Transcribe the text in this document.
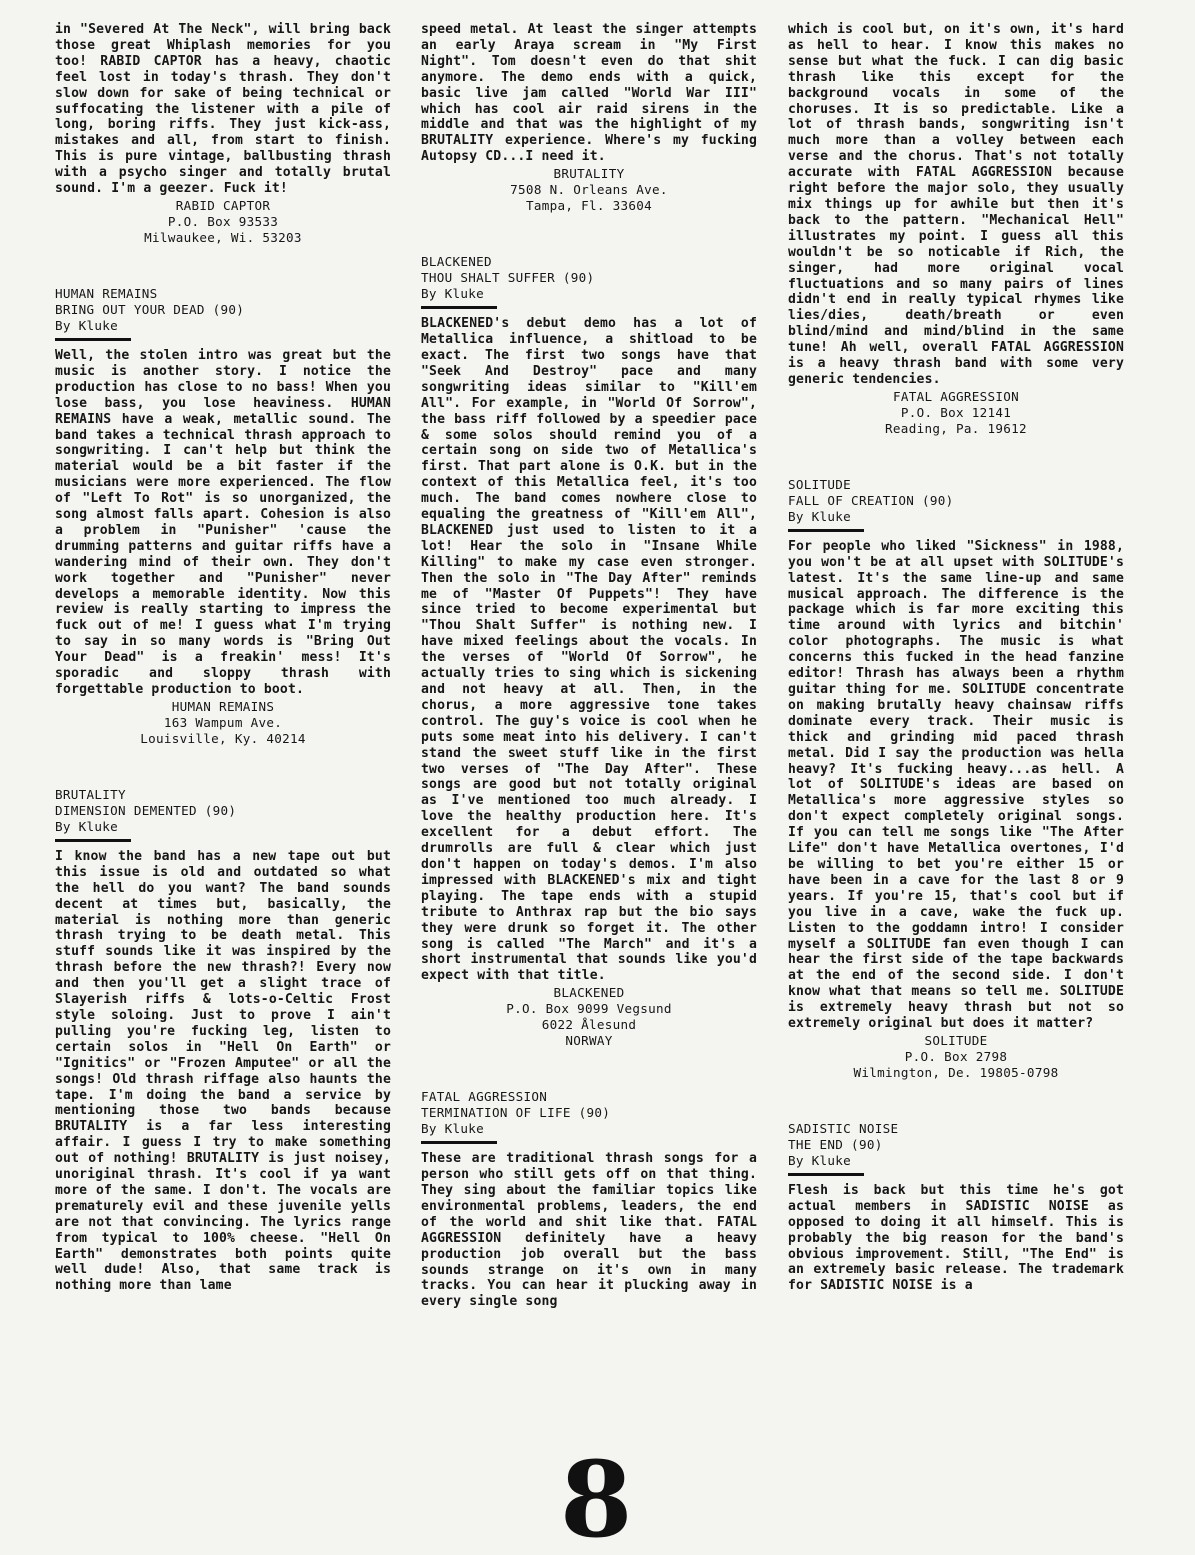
in "Severed At The Neck", will bring back those great Whiplash memories for you too! RABID CAPTOR has a heavy, chaotic feel lost in today's thrash. They don't slow down for sake of being technical or suffocating the listener with a pile of long, boring riffs. They just kick-ass, mistakes and all, from start to finish. This is pure vintage, ballbusting thrash with a psycho singer and totally brutal sound. I'm a geezer. Fuck it!

RABID CAPTOR

P.O. Box 93533

Milwaukee, Wi. 53203

HUMAN REMAINS

BRING OUT YOUR DEAD (90)

By Kluke

Well, the stolen intro was great but the music is another story. I notice the production has close to no bass! When you lose bass, you lose heaviness. HUMAN REMAINS have a weak, metallic sound. The band takes a technical thrash approach to songwriting. I can't help but think the material would be a bit faster if the musicians were more experienced. The flow of "Left To Rot" is so unorganized, the song almost falls apart. Cohesion is also a problem in "Punisher" 'cause the drumming patterns and guitar riffs have a wandering mind of their own. They don't work together and "Punisher" never develops a memorable identity. Now this review is really starting to impress the fuck out of me! I guess what I'm trying to say in so many words is "Bring Out Your Dead" is a freakin' mess! It's sporadic and sloppy thrash with forgettable production to boot.

HUMAN REMAINS

163 Wampum Ave.

Louisville, Ky. 40214

BRUTALITY

DIMENSION DEMENTED (90)

By Kluke

I know the band has a new tape out but this issue is old and outdated so what the hell do you want? The band sounds decent at times but, basically, the material is nothing more than generic thrash trying to be death metal. This stuff sounds like it was inspired by the thrash before the new thrash?! Every now and then you'll get a slight trace of Slayerish riffs & lots-o-Celtic Frost style soloing. Just to prove I ain't pulling you're fucking leg, listen to certain solos in "Hell On Earth" or "Ignitics" or "Frozen Amputee" or all the songs! Old thrash riffage also haunts the tape. I'm doing the band a service by mentioning those two bands because BRUTALITY is a far less interesting affair. I guess I try to make something out of nothing! BRUTALITY is just noisey, unoriginal thrash. It's cool if ya want more of the same. I don't. The vocals are prematurely evil and these juvenile yells are not that convincing. The lyrics range from typical to 100% cheese. "Hell On Earth" demonstrates both points quite well dude! Also, that same track is nothing more than lame
speed metal. At least the singer attempts an early Araya scream in "My First Night". Tom doesn't even do that shit anymore. The demo ends with a quick, basic live jam called "World War III" which has cool air raid sirens in the middle and that was the highlight of my BRUTALITY experience. Where's my fucking Autopsy CD...I need it.

BRUTALITY

7508 N. Orleans Ave.

Tampa, Fl. 33604

BLACKENED

THOU SHALT SUFFER (90)

By Kluke

BLACKENED's debut demo has a lot of Metallica influence, a shitload to be exact. The first two songs have that "Seek And Destroy" pace and many songwriting ideas similar to "Kill'em All". For example, in "World Of Sorrow", the bass riff followed by a speedier pace & some solos should remind you of a certain song on side two of Metallica's first. That part alone is O.K. but in the context of this Metallica feel, it's too much. The band comes nowhere close to equaling the greatness of "Kill'em All", BLACKENED just used to listen to it a lot! Hear the solo in "Insane While Killing" to make my case even stronger. Then the solo in "The Day After" reminds me of "Master Of Puppets"! They have since tried to become experimental but "Thou Shalt Suffer" is nothing new. I have mixed feelings about the vocals. In the verses of "World Of Sorrow", he actually tries to sing which is sickening and not heavy at all. Then, in the chorus, a more aggressive tone takes control. The guy's voice is cool when he puts some meat into his delivery. I can't stand the sweet stuff like in the first two verses of "The Day After". These songs are good but not totally original as I've mentioned too much already. I love the healthy production here. It's excellent for a debut effort. The drumrolls are full & clear which just don't happen on today's demos. I'm also impressed with BLACKENED's mix and tight playing. The tape ends with a stupid tribute to Anthrax rap but the bio says they were drunk so forget it. The other song is called "The March" and it's a short instrumental that sounds like you'd expect with that title.

BLACKENED

P.O. Box 9099 Vegsund

6022 Ålesund

NORWAY

FATAL AGGRESSION

TERMINATION OF LIFE (90)

By Kluke

These are traditional thrash songs for a person who still gets off on that thing. They sing about the familiar topics like environmental problems, leaders, the end of the world and shit like that. FATAL AGGRESSION definitely have a heavy production job overall but the bass sounds strange on it's own in many tracks. You can hear it plucking away in every single song
which is cool but, on it's own, it's hard as hell to hear. I know this makes no sense but what the fuck. I can dig basic thrash like this except for the background vocals in some of the choruses. It is so predictable. Like a lot of thrash bands, songwriting isn't much more than a volley between each verse and the chorus. That's not totally accurate with FATAL AGGRESSION because right before the major solo, they usually mix things up for awhile but then it's back to the pattern. "Mechanical Hell" illustrates my point. I guess all this wouldn't be so noticable if Rich, the singer, had more original vocal fluctuations and so many pairs of lines didn't end in really typical rhymes like lies/dies, death/breath or even blind/mind and mind/blind in the same tune! Ah well, overall FATAL AGGRESSION is a heavy thrash band with some very generic tendencies.

FATAL AGGRESSION

P.O. Box 12141

Reading, Pa. 19612

SOLITUDE

FALL OF CREATION (90)

By Kluke

For people who liked "Sickness" in 1988, you won't be at all upset with SOLITUDE's latest. It's the same line-up and same musical approach. The difference is the package which is far more exciting this time around with lyrics and bitchin' color photographs. The music is what concerns this fucked in the head fanzine editor! Thrash has always been a rhythm guitar thing for me. SOLITUDE concentrate on making brutally heavy chainsaw riffs dominate every track. Their music is thick and grinding mid paced thrash metal. Did I say the production was hella heavy? It's fucking heavy...as hell. A lot of SOLITUDE's ideas are based on Metallica's more aggressive styles so don't expect completely original songs. If you can tell me songs like "The After Life" don't have Metallica overtones, I'd be willing to bet you're either 15 or have been in a cave for the last 8 or 9 years. If you're 15, that's cool but if you live in a cave, wake the fuck up. Listen to the goddamn intro! I consider myself a SOLITUDE fan even though I can hear the first side of the tape backwards at the end of the second side. I don't know what that means so tell me. SOLITUDE is extremely heavy thrash but not so extremely original but does it matter?

SOLITUDE

P.O. Box 2798

Wilmington, De. 19805-0798

SADISTIC NOISE

THE END (90)

By Kluke

Flesh is back but this time he's got actual members in SADISTIC NOISE as opposed to doing it all himself. This is probably the big reason for the band's obvious improvement. Still, "The End" is an extremely basic release. The trademark for SADISTIC NOISE is a
8
